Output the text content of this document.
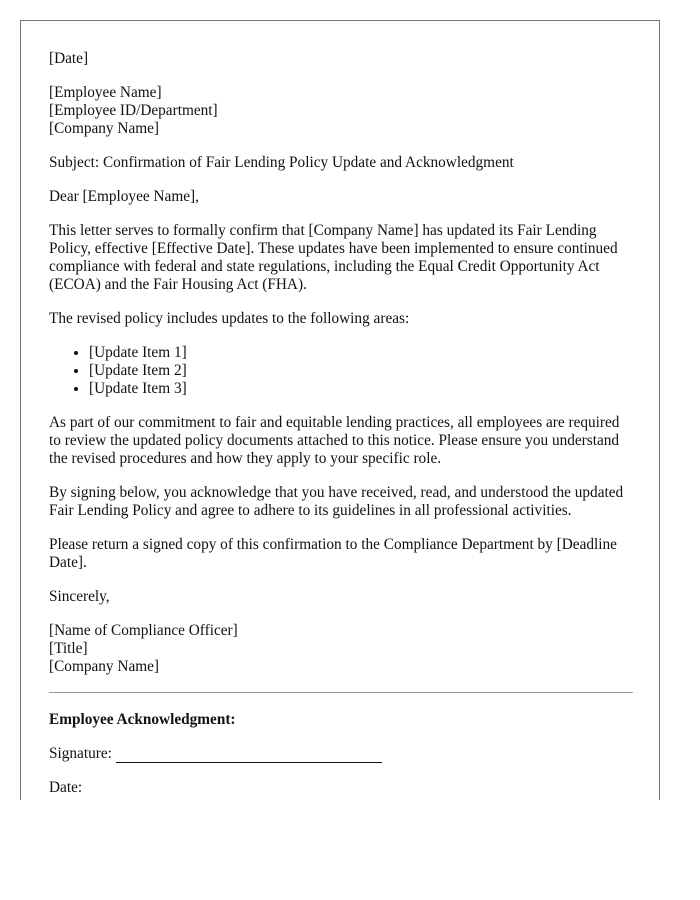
[Date]

[Employee Name]
[Employee ID/Department]
[Company Name]

Subject: Confirmation of Fair Lending Policy Update and Acknowledgment

Dear [Employee Name],

This letter serves to formally confirm that [Company Name] has updated its Fair Lending Policy, effective [Effective Date]. These updates have been implemented to ensure continued compliance with federal and state regulations, including the Equal Credit Opportunity Act (ECOA) and the Fair Housing Act (FHA).

The revised policy includes updates to the following areas:

• [Update Item 1]
• [Update Item 2]
• [Update Item 3]

As part of our commitment to fair and equitable lending practices, all employees are required to review the updated policy documents attached to this notice. Please ensure you understand the revised procedures and how they apply to your specific role.

By signing below, you acknowledge that you have received, read, and understood the updated Fair Lending Policy and agree to adhere to its guidelines in all professional activities.

Please return a signed copy of this confirmation to the Compliance Department by [Deadline Date].

Sincerely,

[Name of Compliance Officer]
[Title]
[Company Name]

Employee Acknowledgment:
Signature:
Date:
